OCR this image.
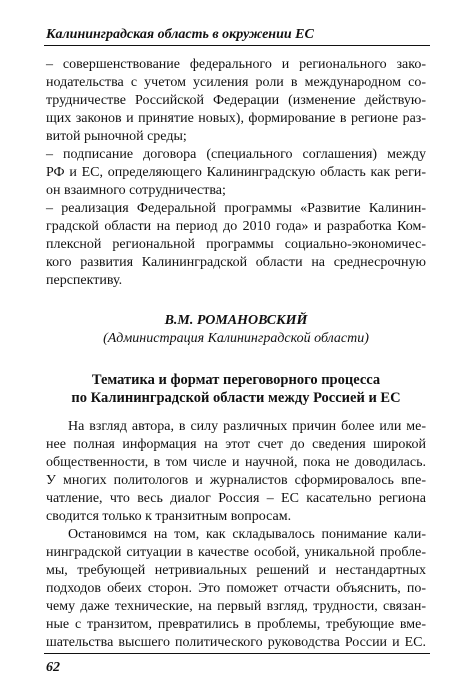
Калининградская область в окружении ЕС
– совершенствование федерального и регионального зако-
нодательства с учетом усиления роли в международном со-
трудничестве Российской Федерации (изменение действую-
щих законов и принятие новых), формирование в регионе раз-
витой рыночной среды;
– подписание договора (специального соглашения) между
РФ и ЕС, определяющего Калининградскую область как реги-
он взаимного сотрудничества;
– реализация Федеральной программы «Развитие Калинин-
градской области на период до 2010 года» и разработка Ком-
плексной региональной программы социально-экономичес-
кого развития Калининградской области на среднесрочную
перспективу.
В.М. РОМАНОВСКИЙ
(Администрация Калининградской области)
Тематика и формат переговорного процесса
по Калининградской области между Россией и ЕС
На взгляд автора, в силу различных причин более или ме-
нее полная информация на этот счет до сведения широкой
общественности, в том числе и научной, пока не доводилась.
У многих политологов и журналистов сформировалось впе-
чатление, что весь диалог Россия – ЕС касательно региона
сводится только к транзитным вопросам.
Остановимся на том, как складывалось понимание кали-
нинградской ситуации в качестве особой, уникальной пробле-
мы, требующей нетривиальных решений и нестандартных
подходов обеих сторон. Это поможет отчасти объяснить, по-
чему даже технические, на первый взгляд, трудности, связан-
ные с транзитом, превратились в проблемы, требующие вме-
шательства высшего политического руководства России и ЕС.
62
